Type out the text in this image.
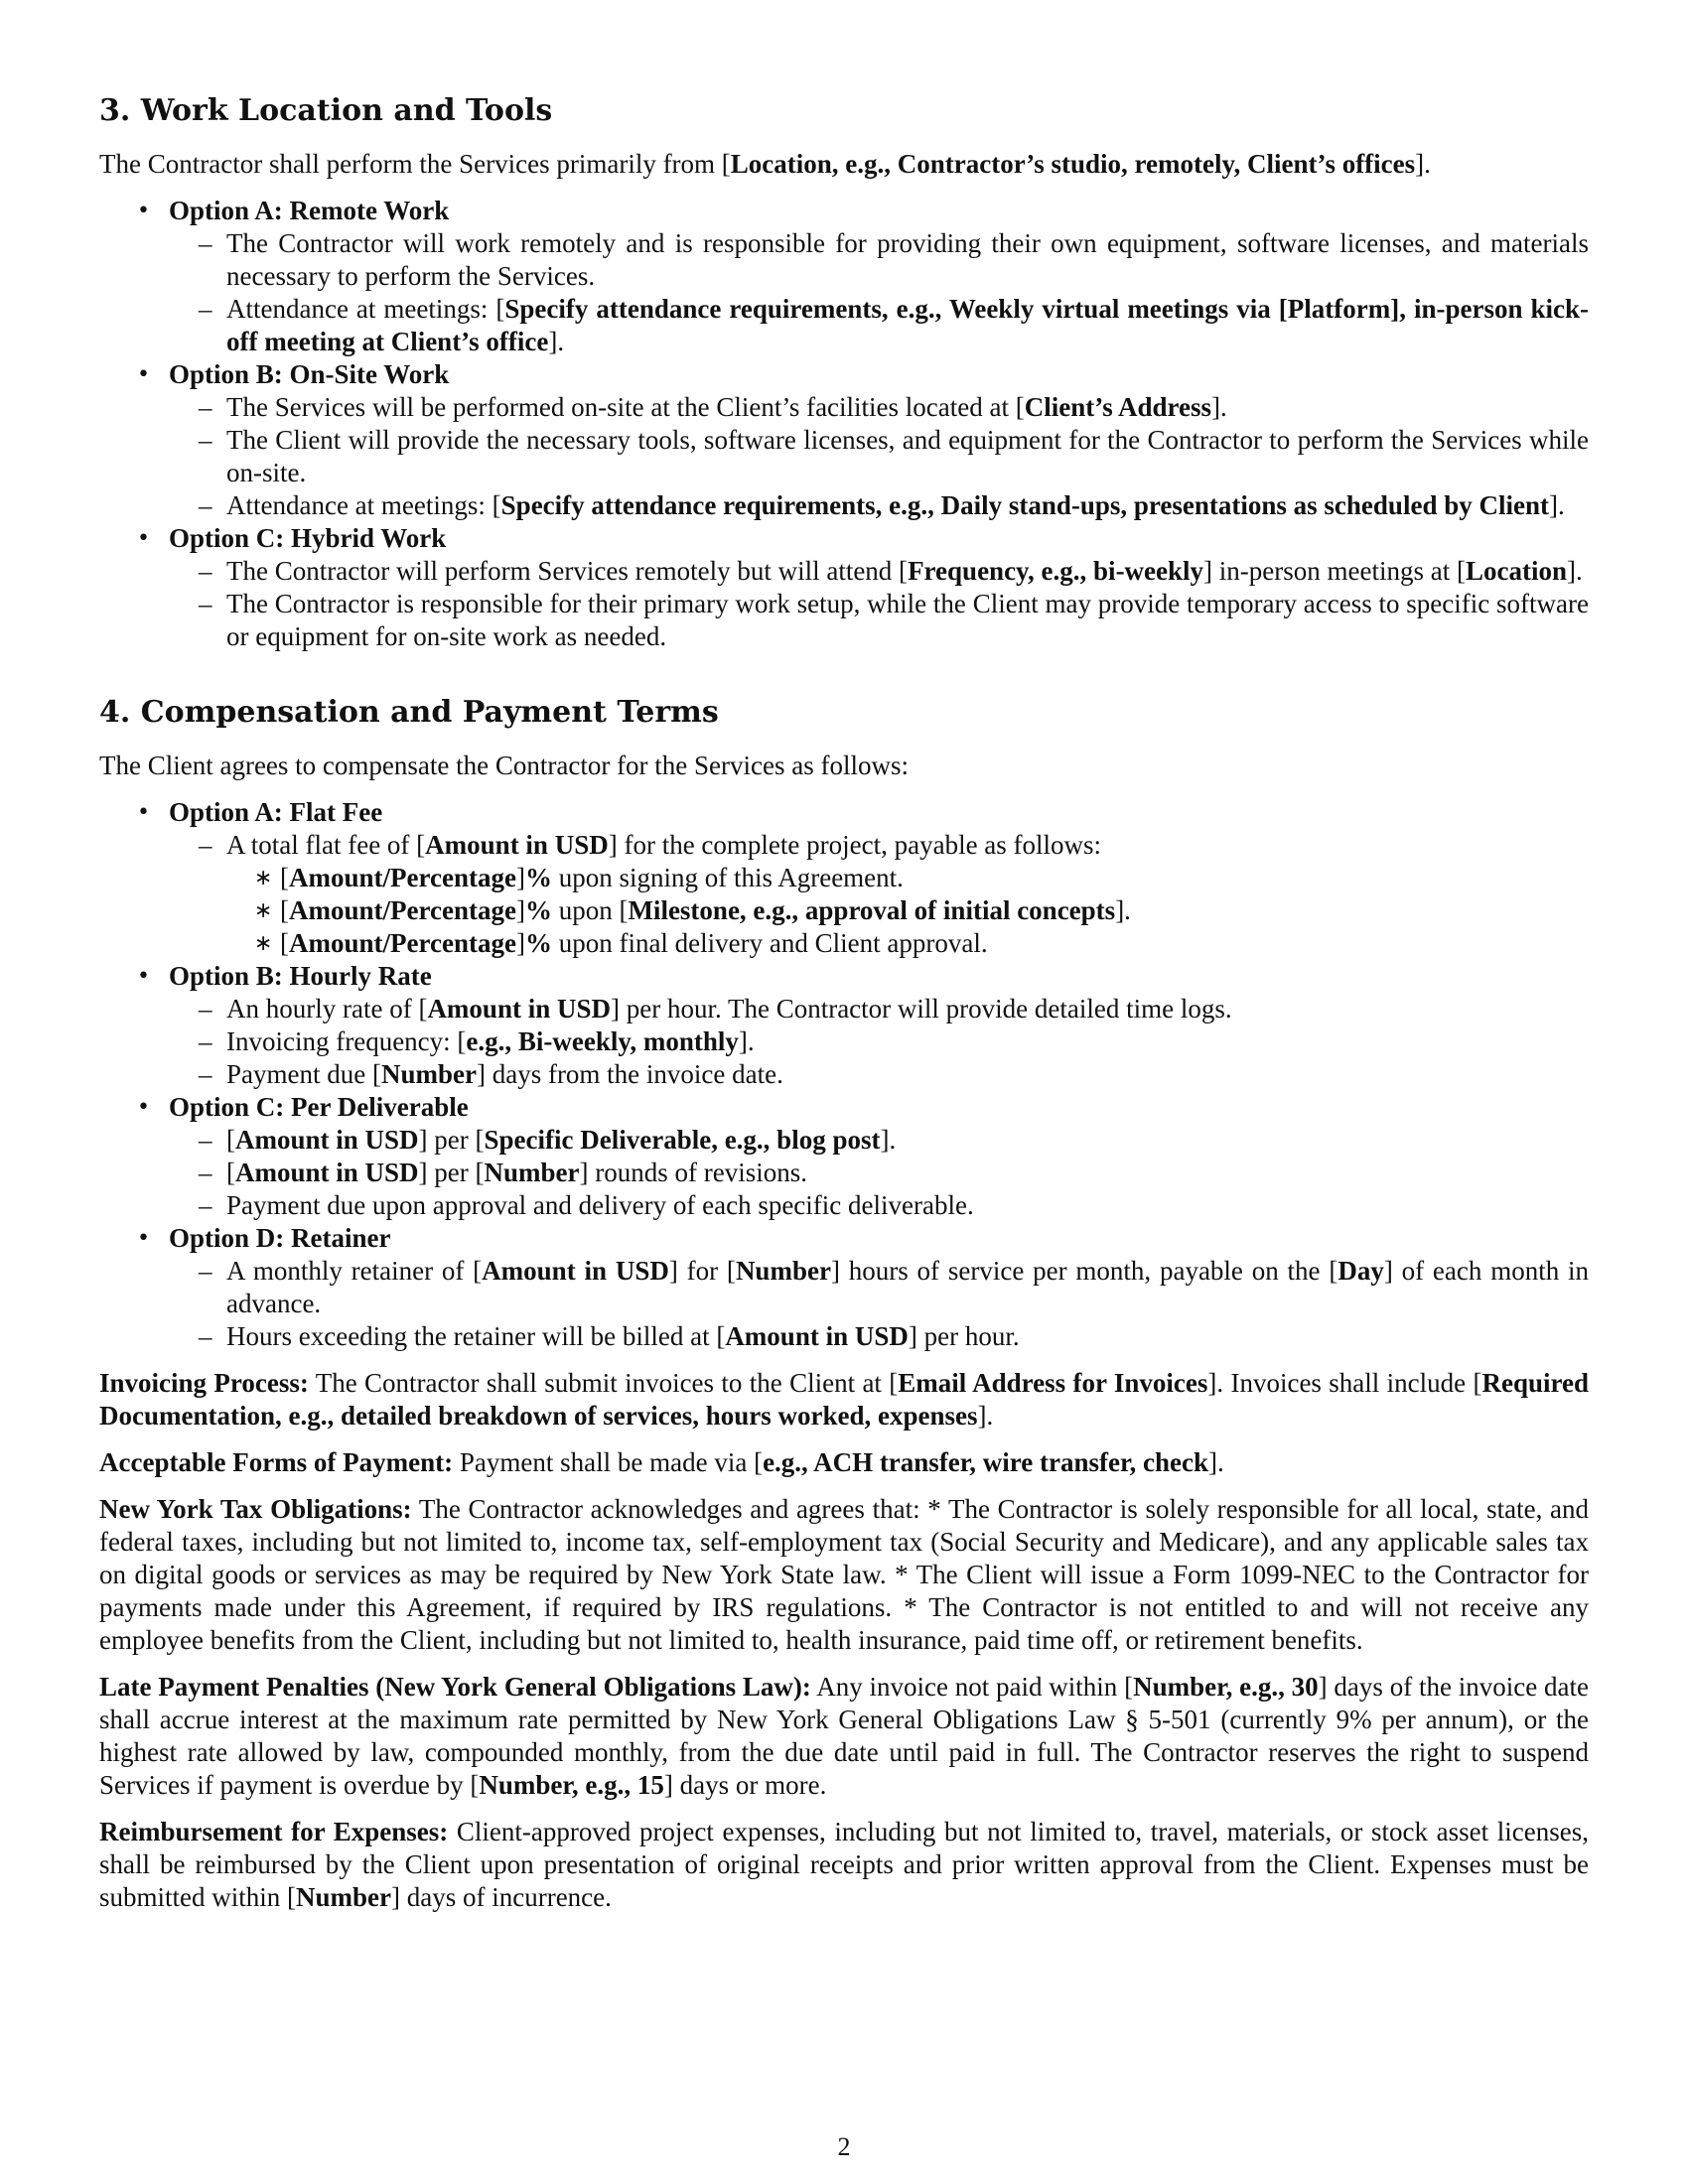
3. Work Location and Tools

The Contractor shall perform the Services primarily from [Location, e.g., Contractor’s studio, remotely, Client’s offices].

• Option A: Remote Work
– The Contractor will work remotely and is responsible for providing their own equipment, software licenses, and materials necessary to perform the Services.
– Attendance at meetings: [Specify attendance requirements, e.g., Weekly virtual meetings via [Platform], in-person kick-off meeting at Client’s office].
• Option B: On-Site Work
– The Services will be performed on-site at the Client’s facilities located at [Client’s Address].
– The Client will provide the necessary tools, software licenses, and equipment for the Contractor to perform the Services while on-site.
– Attendance at meetings: [Specify attendance requirements, e.g., Daily stand-ups, presentations as scheduled by Client].
• Option C: Hybrid Work
– The Contractor will perform Services remotely but will attend [Frequency, e.g., bi-weekly] in-person meetings at [Location].
– The Contractor is responsible for their primary work setup, while the Client may provide temporary access to specific software or equipment for on-site work as needed.
4. Compensation and Payment Terms

The Client agrees to compensate the Contractor for the Services as follows:

• Option A: Flat Fee
– A total flat fee of [Amount in USD] for the complete project, payable as follows:
∗ [Amount/Percentage]% upon signing of this Agreement.
∗ [Amount/Percentage]% upon [Milestone, e.g., approval of initial concepts].
∗ [Amount/Percentage]% upon final delivery and Client approval.
• Option B: Hourly Rate
– An hourly rate of [Amount in USD] per hour. The Contractor will provide detailed time logs.
– Invoicing frequency: [e.g., Bi-weekly, monthly].
– Payment due [Number] days from the invoice date.
• Option C: Per Deliverable
– [Amount in USD] per [Specific Deliverable, e.g., blog post].
– [Amount in USD] per [Number] rounds of revisions.
– Payment due upon approval and delivery of each specific deliverable.
• Option D: Retainer
– A monthly retainer of [Amount in USD] for [Number] hours of service per month, payable on the [Day] of each month in advance.
– Hours exceeding the retainer will be billed at [Amount in USD] per hour.

Invoicing Process: The Contractor shall submit invoices to the Client at [Email Address for Invoices]. Invoices shall include [Required Documentation, e.g., detailed breakdown of services, hours worked, expenses].

Acceptable Forms of Payment: Payment shall be made via [e.g., ACH transfer, wire transfer, check].

New York Tax Obligations: The Contractor acknowledges and agrees that: * The Contractor is solely responsible for all local, state, and federal taxes, including but not limited to, income tax, self-employment tax (Social Security and Medicare), and any applicable sales tax on digital goods or services as may be required by New York State law. * The Client will issue a Form 1099-NEC to the Contractor for payments made under this Agreement, if required by IRS regulations. * The Contractor is not entitled to and will not receive any employee benefits from the Client, including but not limited to, health insurance, paid time off, or retirement benefits.

Late Payment Penalties (New York General Obligations Law): Any invoice not paid within [Number, e.g., 30] days of the invoice date shall accrue interest at the maximum rate permitted by New York General Obligations Law § 5-501 (currently 9% per annum), or the highest rate allowed by law, compounded monthly, from the due date until paid in full. The Contractor reserves the right to suspend Services if payment is overdue by [Number, e.g., 15] days or more.

Reimbursement for Expenses: Client-approved project expenses, including but not limited to, travel, materials, or stock asset licenses, shall be reimbursed by the Client upon presentation of original receipts and prior written approval from the Client. Expenses must be submitted within [Number] days of incurrence.

2
